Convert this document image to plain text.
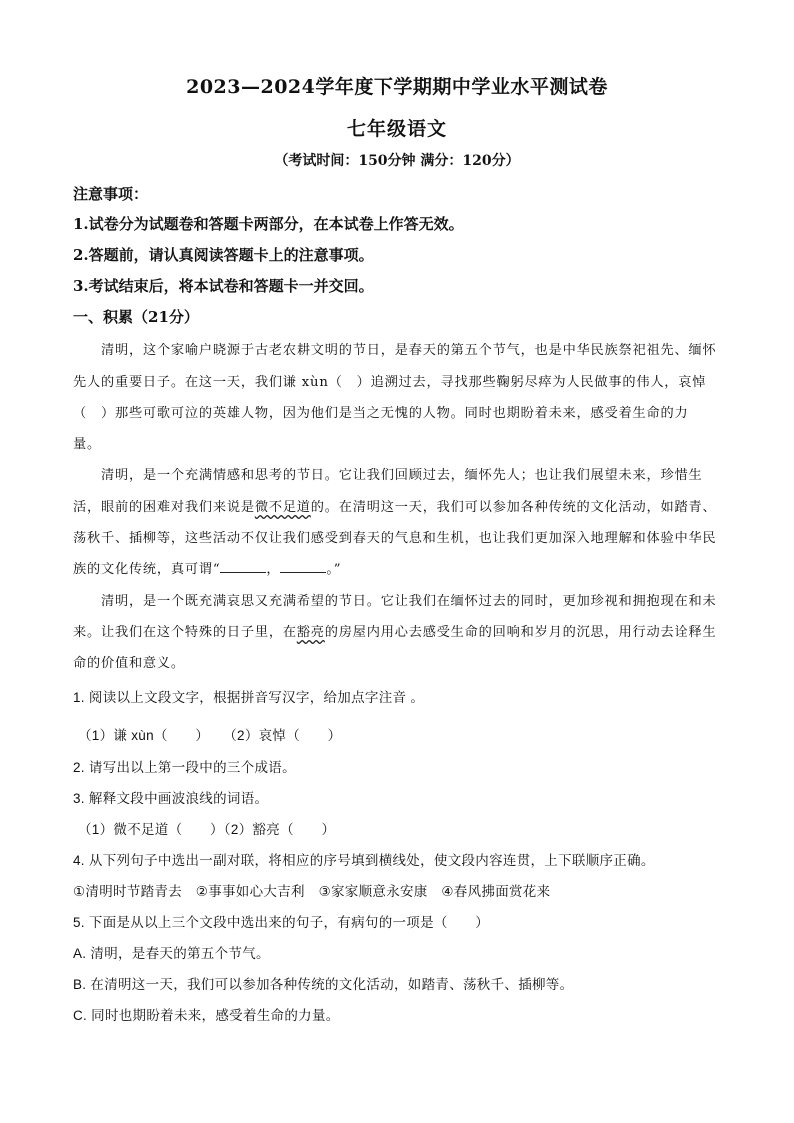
2023—2024学年度下学期期中学业水平测试卷
七年级语文
（考试时间：150分钟 满分：120分）
注意事项：
1.试卷分为试题卷和答题卡两部分，在本试卷上作答无效。
2.答题前，请认真阅读答题卡上的注意事项。
3.考试结束后，将本试卷和答题卡一并交回。
一、积累（21分）
清明，这个家喻户晓源于古老农耕文明的节日，是春天的第五个节气，也是中华民族祭祀祖先、缅怀
先人的重要日子。在这一天，我们谦 xùn（　）追溯过去，寻找那些鞠躬尽瘁为人民做事的伟人，哀悼
（　）那些可歌可泣的英雄人物，因为他们是当之无愧的人物。同时也期盼着未来，感受着生命的力
量。
清明，是一个充满情感和思考的节日。它让我们回顾过去，缅怀先人；也让我们展望未来，珍惜生
活，眼前的困难对我们来说是微不足道的。在清明这一天，我们可以参加各种传统的文化活动，如踏青、
荡秋千、插柳等，这些活动不仅让我们感受到春天的气息和生机，也让我们更加深入地理解和体验中华民
族的文化传统，真可谓“	，	。”
清明，是一个既充满哀思又充满希望的节日。它让我们在缅怀过去的同时，更加珍视和拥抱现在和未
来。让我们在这个特殊的日子里，在豁亮的房屋内用心去感受生命的回响和岁月的沉思，用行动去诠释生
命的价值和意义。
1. 阅读以上文段文字，根据拼音写汉字，给加点字注音 。
（1）谦 xùn（　　）　　（2）哀悼（　　）
2. 请写出以上第一段中的三个成语。
3. 解释文段中画波浪线的词语。
（1）微不足道（　　）（2）豁亮（　　）
4. 从下列句子中选出一副对联，将相应的序号填到横线处，使文段内容连贯，上下联顺序正确。
①清明时节踏青去　②事事如心大吉利　③家家顺意永安康　④春风拂面赏花来
5. 下面是从以上三个文段中选出来的句子，有病句的一项是（　　）
A. 清明，是春天的第五个节气。
B. 在清明这一天，我们可以参加各种传统的文化活动，如踏青、荡秋千、插柳等。
C. 同时也期盼着未来，感受着生命的力量。
